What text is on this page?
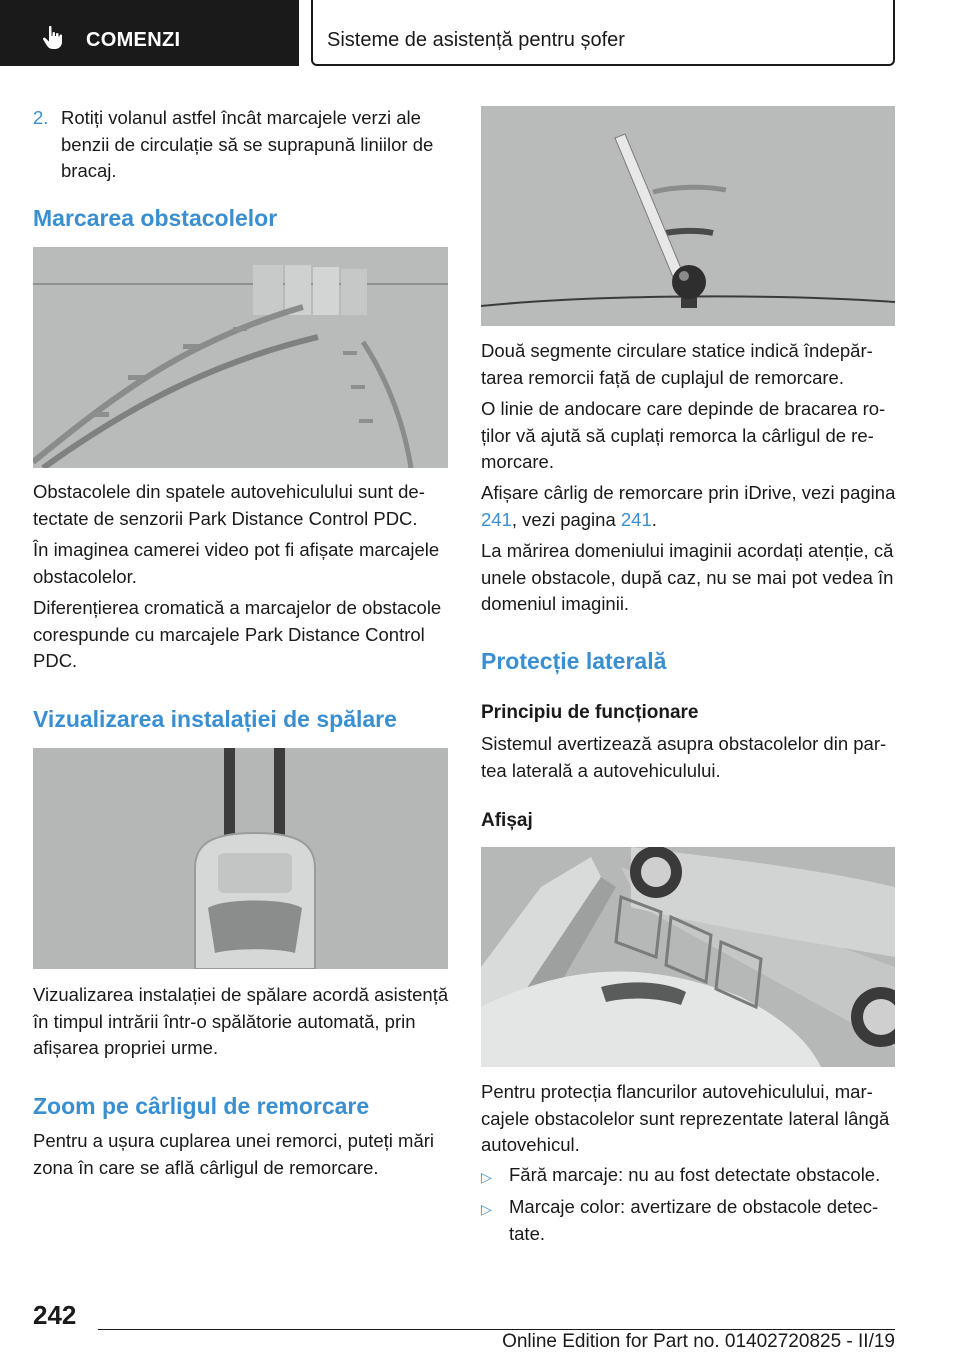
COMENZI	Sisteme de asistență pentru șofer
2. Rotiți volanul astfel încât marcajele verzi ale benzii de circulație să se suprapună liniilor de bracaj.

Marcarea obstacolelor

Obstacolele din spatele autovehiculului sunt detectate de senzorii Park Distance Control PDC.

În imaginea camerei video pot fi afișate marcajele obstacolelor.

Diferențierea cromatică a marcajelor de obstacole corespunde cu marcajele Park Distance Control PDC.

Vizualizarea instalației de spălare

Vizualizarea instalației de spălare acordă asistență în timpul intrării într-o spălătorie automată, prin afișarea propriei urme.

Zoom pe cârligul de remorcare

Pentru a ușura cuplarea unei remorci, puteți mări zona în care se află cârligul de remorcare.

Două segmente circulare statice indică îndepărtarea remorcii față de cuplajul de remorcare.

O linie de andocare care depinde de bracarea roților vă ajută să cuplați remorca la cârligul de remorcare.

Afișare cârlig de remorcare prin iDrive, vezi pagina 241, vezi pagina 241.

La mărirea domeniului imaginii acordați atenție, că unele obstacole, după caz, nu se mai pot vedea în domeniul imaginii.

Protecție laterală
Principiu de funcționare

Sistemul avertizează asupra obstacolelor din partea laterală a autovehiculului.

Afișaj

Pentru protecția flancurilor autovehiculului, marcajele obstacolelor sunt reprezentate lateral lângă autovehicul.

▷ Fără marcaje: nu au fost detectate obstacole.
▷ Marcaje color: avertizare de obstacole detectate.
242
Online Edition for Part no. 01402720825 - II/19
